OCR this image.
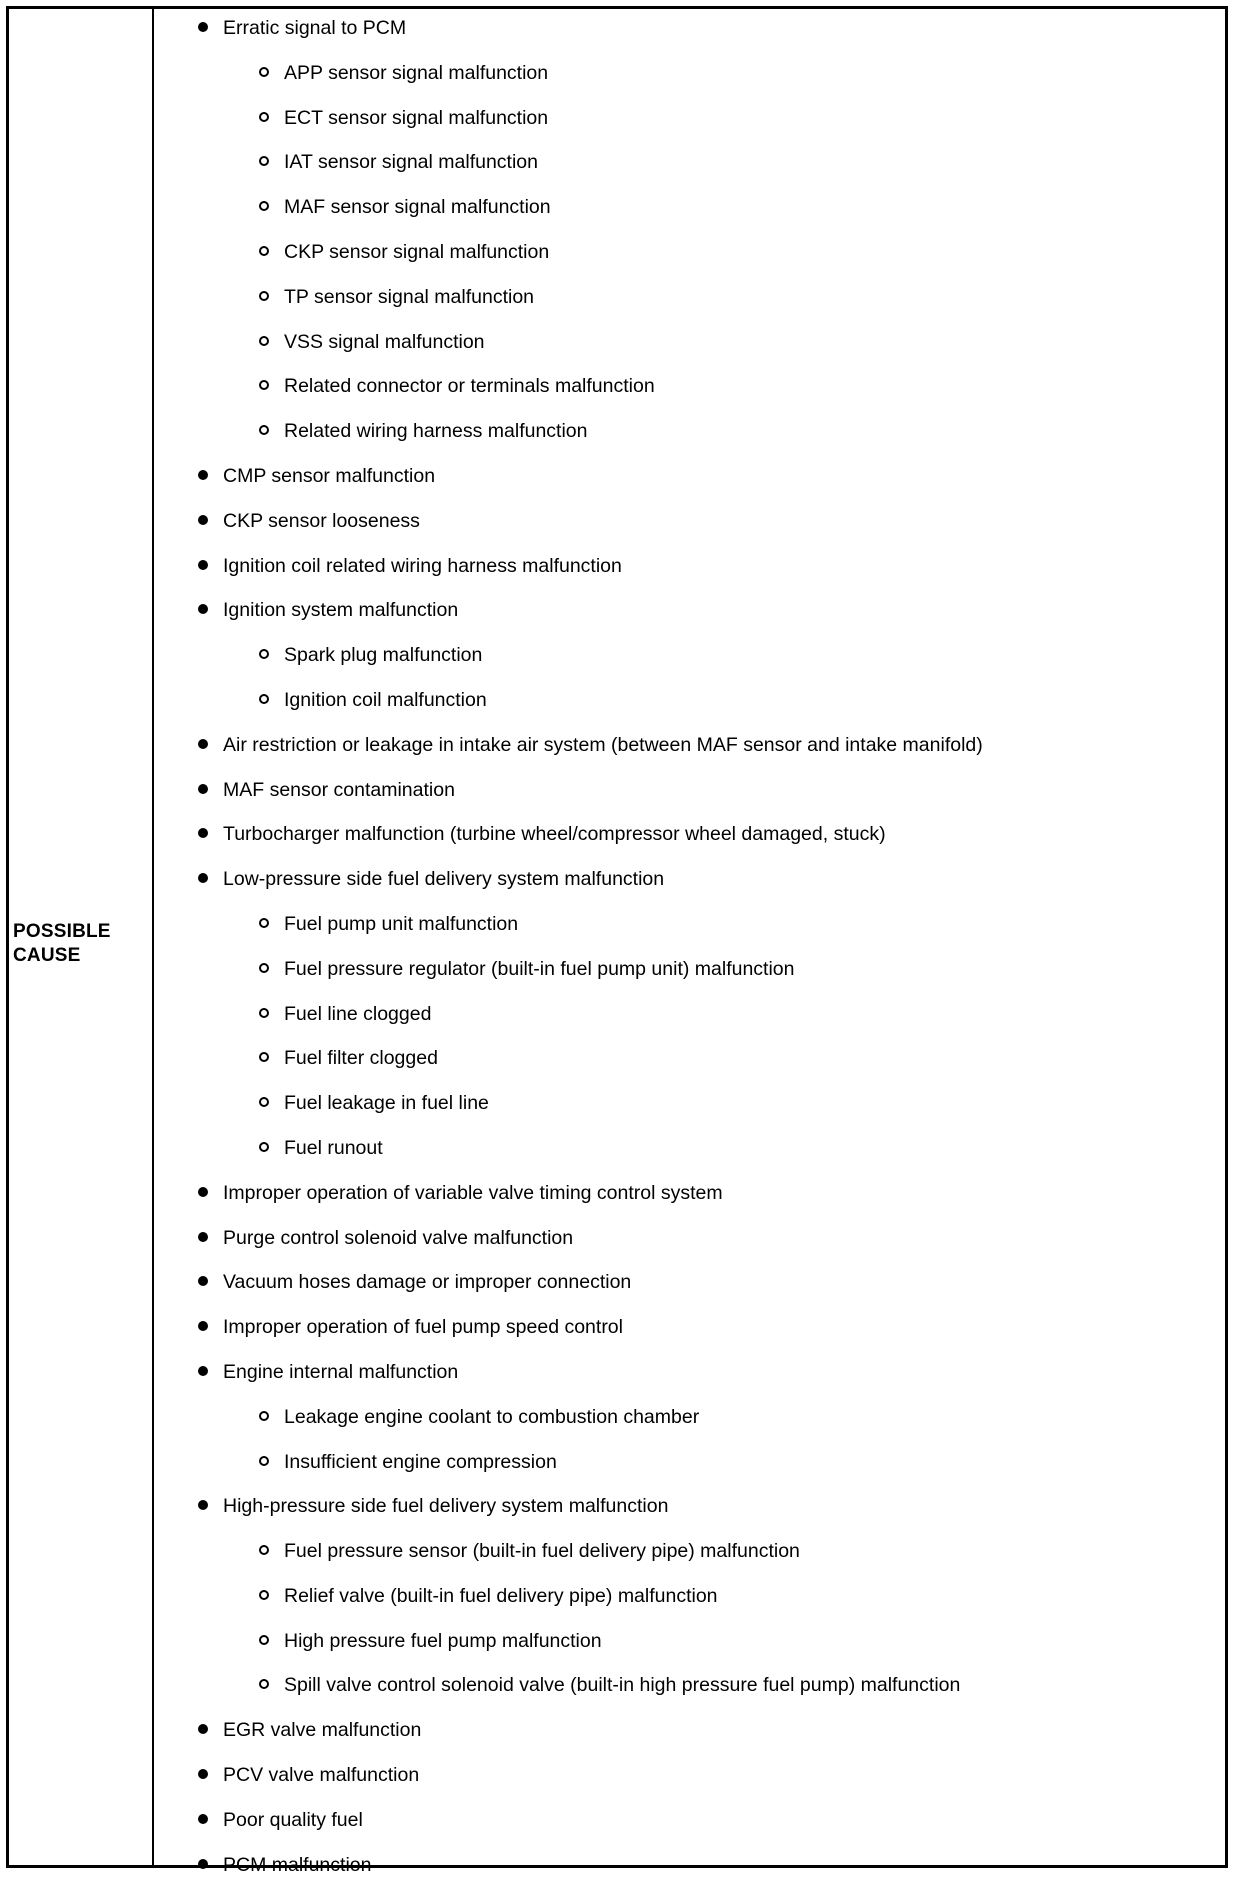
POSSIBLE
CAUSE
Erratic signal to PCM
APP sensor signal malfunction
ECT sensor signal malfunction
IAT sensor signal malfunction
MAF sensor signal malfunction
CKP sensor signal malfunction
TP sensor signal malfunction
VSS signal malfunction
Related connector or terminals malfunction
Related wiring harness malfunction
CMP sensor malfunction
CKP sensor looseness
Ignition coil related wiring harness malfunction
Ignition system malfunction
Spark plug malfunction
Ignition coil malfunction
Air restriction or leakage in intake air system (between MAF sensor and intake manifold)
MAF sensor contamination
Turbocharger malfunction (turbine wheel/compressor wheel damaged, stuck)
Low-pressure side fuel delivery system malfunction
Fuel pump unit malfunction
Fuel pressure regulator (built-in fuel pump unit) malfunction
Fuel line clogged
Fuel filter clogged
Fuel leakage in fuel line
Fuel runout
Improper operation of variable valve timing control system
Purge control solenoid valve malfunction
Vacuum hoses damage or improper connection
Improper operation of fuel pump speed control
Engine internal malfunction
Leakage engine coolant to combustion chamber
Insufficient engine compression
High-pressure side fuel delivery system malfunction
Fuel pressure sensor (built-in fuel delivery pipe) malfunction
Relief valve (built-in fuel delivery pipe) malfunction
High pressure fuel pump malfunction
Spill valve control solenoid valve (built-in high pressure fuel pump) malfunction
EGR valve malfunction
PCV valve malfunction
Poor quality fuel
PCM malfunction
